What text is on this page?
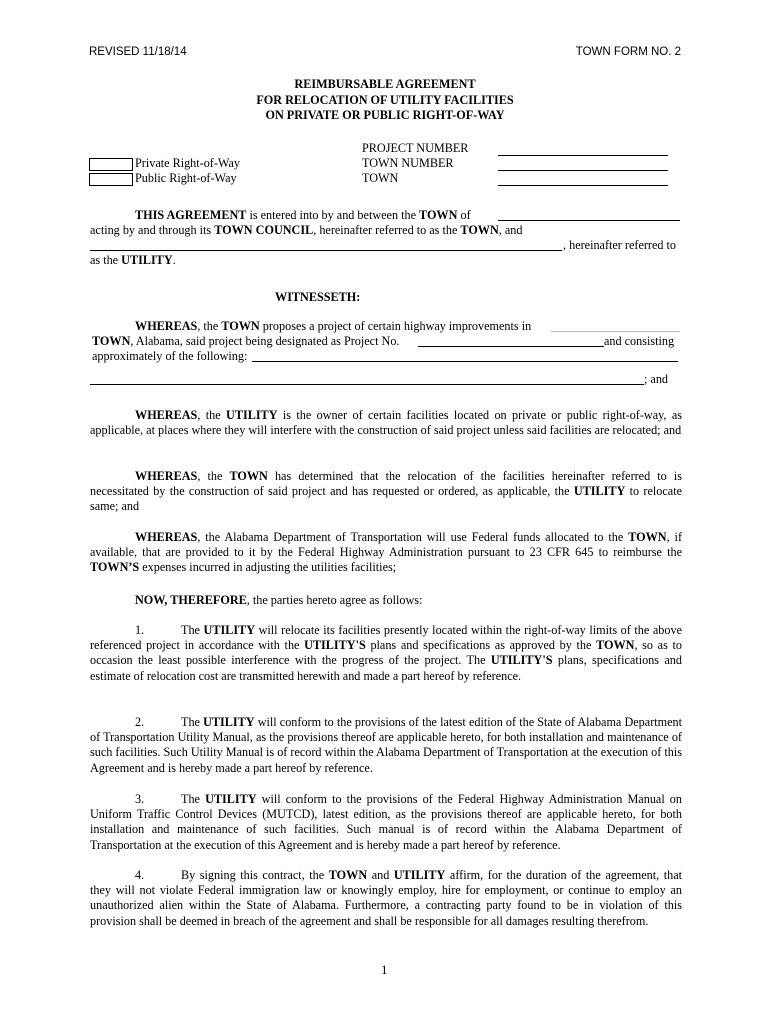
REVISED 11/18/14	TOWN FORM NO. 2
REIMBURSABLE AGREEMENT
FOR RELOCATION OF UTILITY FACILITIES
ON PRIVATE OR PUBLIC RIGHT-OF-WAY
Private Right-of-Way
Public Right-of-Way
PROJECT NUMBER
TOWN NUMBER
TOWN
THIS AGREEMENT is entered into by and between the TOWN of
acting by and through its TOWN COUNCIL, hereinafter referred to as the TOWN, and
, hereinafter referred to
as the UTILITY.
WITNESSETH:
WHEREAS, the TOWN proposes a project of certain highway improvements in
TOWN, Alabama, said project being designated as Project No.	and consisting
approximately of the following:
; and

WHEREAS, the UTILITY is the owner of certain facilities located on private or public right-of-way, as applicable, at places where they will interfere with the construction of said project unless said facilities are relocated; and

WHEREAS, the TOWN has determined that the relocation of the facilities hereinafter referred to is necessitated by the construction of said project and has requested or ordered, as applicable, the UTILITY to relocate same; and

WHEREAS, the Alabama Department of Transportation will use Federal funds allocated to the TOWN, if available, that are provided to it by the Federal Highway Administration pursuant to 23 CFR 645 to reimburse the TOWN’S expenses incurred in adjusting the utilities facilities;

NOW, THEREFORE, the parties hereto agree as follows:

1.	The UTILITY will relocate its facilities presently located within the right-of-way limits of the above referenced project in accordance with the UTILITY'S plans and specifications as approved by the TOWN, so as to occasion the least possible interference with the progress of the project. The UTILITY'S plans, specifications and estimate of relocation cost are transmitted herewith and made a part hereof by reference.

2.	The UTILITY will conform to the provisions of the latest edition of the State of Alabama Department of Transportation Utility Manual, as the provisions thereof are applicable hereto, for both installation and maintenance of such facilities. Such Utility Manual is of record within the Alabama Department of Transportation at the execution of this Agreement and is hereby made a part hereof by reference.

3.	The UTILITY will conform to the provisions of the Federal Highway Administration Manual on Uniform Traffic Control Devices (MUTCD), latest edition, as the provisions thereof are applicable hereto, for both installation and maintenance of such facilities. Such manual is of record within the Alabama Department of Transportation at the execution of this Agreement and is hereby made a part hereof by reference.

4.	By signing this contract, the TOWN and UTILITY affirm, for the duration of the agreement, that they will not violate Federal immigration law or knowingly employ, hire for employment, or continue to employ an unauthorized alien within the State of Alabama. Furthermore, a contracting party found to be in violation of this provision shall be deemed in breach of the agreement and shall be responsible for all damages resulting therefrom.

1
